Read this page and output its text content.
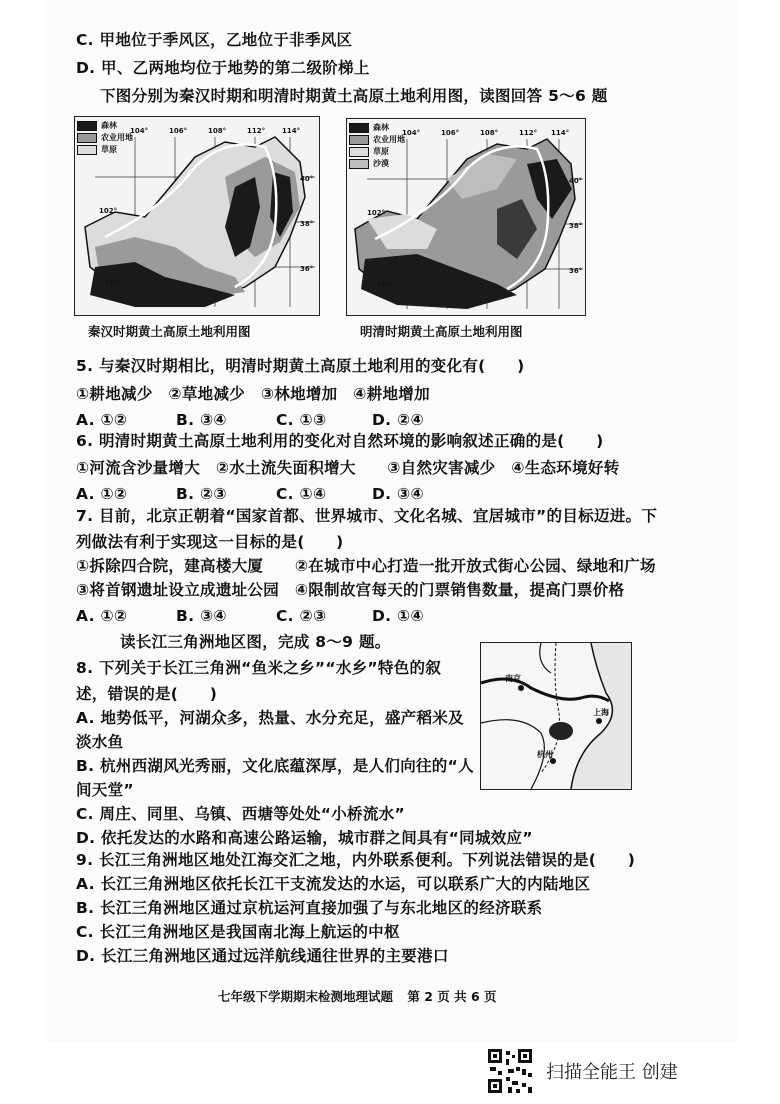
C. 甲地位于季风区，乙地位于非季风区
D. 甲、乙两地均位于地势的第二级阶梯上
下图分别为秦汉时期和明清时期黄土高原土地利用图，读图回答 5～6 题
104°	106°	108°	112° 114°
102°
40°
38°
36°
102°
森林
农业用地
草原
秦汉时期黄土高原土地利用图
104°	106°	108°	112° 114°
102°
40°
38°
36°
102°
森林
农业用地
草原
沙漠
明清时期黄土高原土地利用图
5. 与秦汉时期相比，明清时期黄土高原土地利用的变化有(　　)
①耕地减少　②草地减少　③林地增加　④耕地增加
A. ①②	B. ③④	C. ①③	D. ②④
6. 明清时期黄土高原土地利用的变化对自然环境的影响叙述正确的是(　　)
①河流含沙量增大　②水土流失面积增大　　③自然灾害减少　④生态环境好转
A. ①②	B. ②③	C. ①④	D. ③④
7. 目前，北京正朝着“国家首都、世界城市、文化名城、宜居城市”的目标迈进。下
列做法有利于实现这一目标的是(　　)
①拆除四合院，建高楼大厦　　②在城市中心打造一批开放式街心公园、绿地和广场
③将首钢遗址设立成遗址公园　④限制故宫每天的门票销售数量，提高门票价格
A. ①②	B. ③④	C. ②③	D. ①④
读长江三角洲地区图，完成 8～9 题。
8. 下列关于长江三角洲“鱼米之乡”“水乡”特色的叙
述，错误的是(　　)
A. 地势低平，河湖众多，热量、水分充足，盛产稻米及
淡水鱼
B. 杭州西湖风光秀丽，文化底蕴深厚，是人们向往的“人
间天堂”
C. 周庄、同里、乌镇、西塘等处处“小桥流水”
D. 依托发达的水路和高速公路运输，城市群之间具有“同城效应”
南京
上海
杭州
9. 长江三角洲地区地处江海交汇之地，内外联系便利。下列说法错误的是(　　)
A. 长江三角洲地区依托长江干支流发达的水运，可以联系广大的内陆地区
B. 长江三角洲地区通过京杭运河直接加强了与东北地区的经济联系
C. 长江三角洲地区是我国南北海上航运的中枢
D. 长江三角洲地区通过远洋航线通往世界的主要港口
七年级下学期期末检测地理试题 第 2 页 共 6 页
扫描全能王 创建
